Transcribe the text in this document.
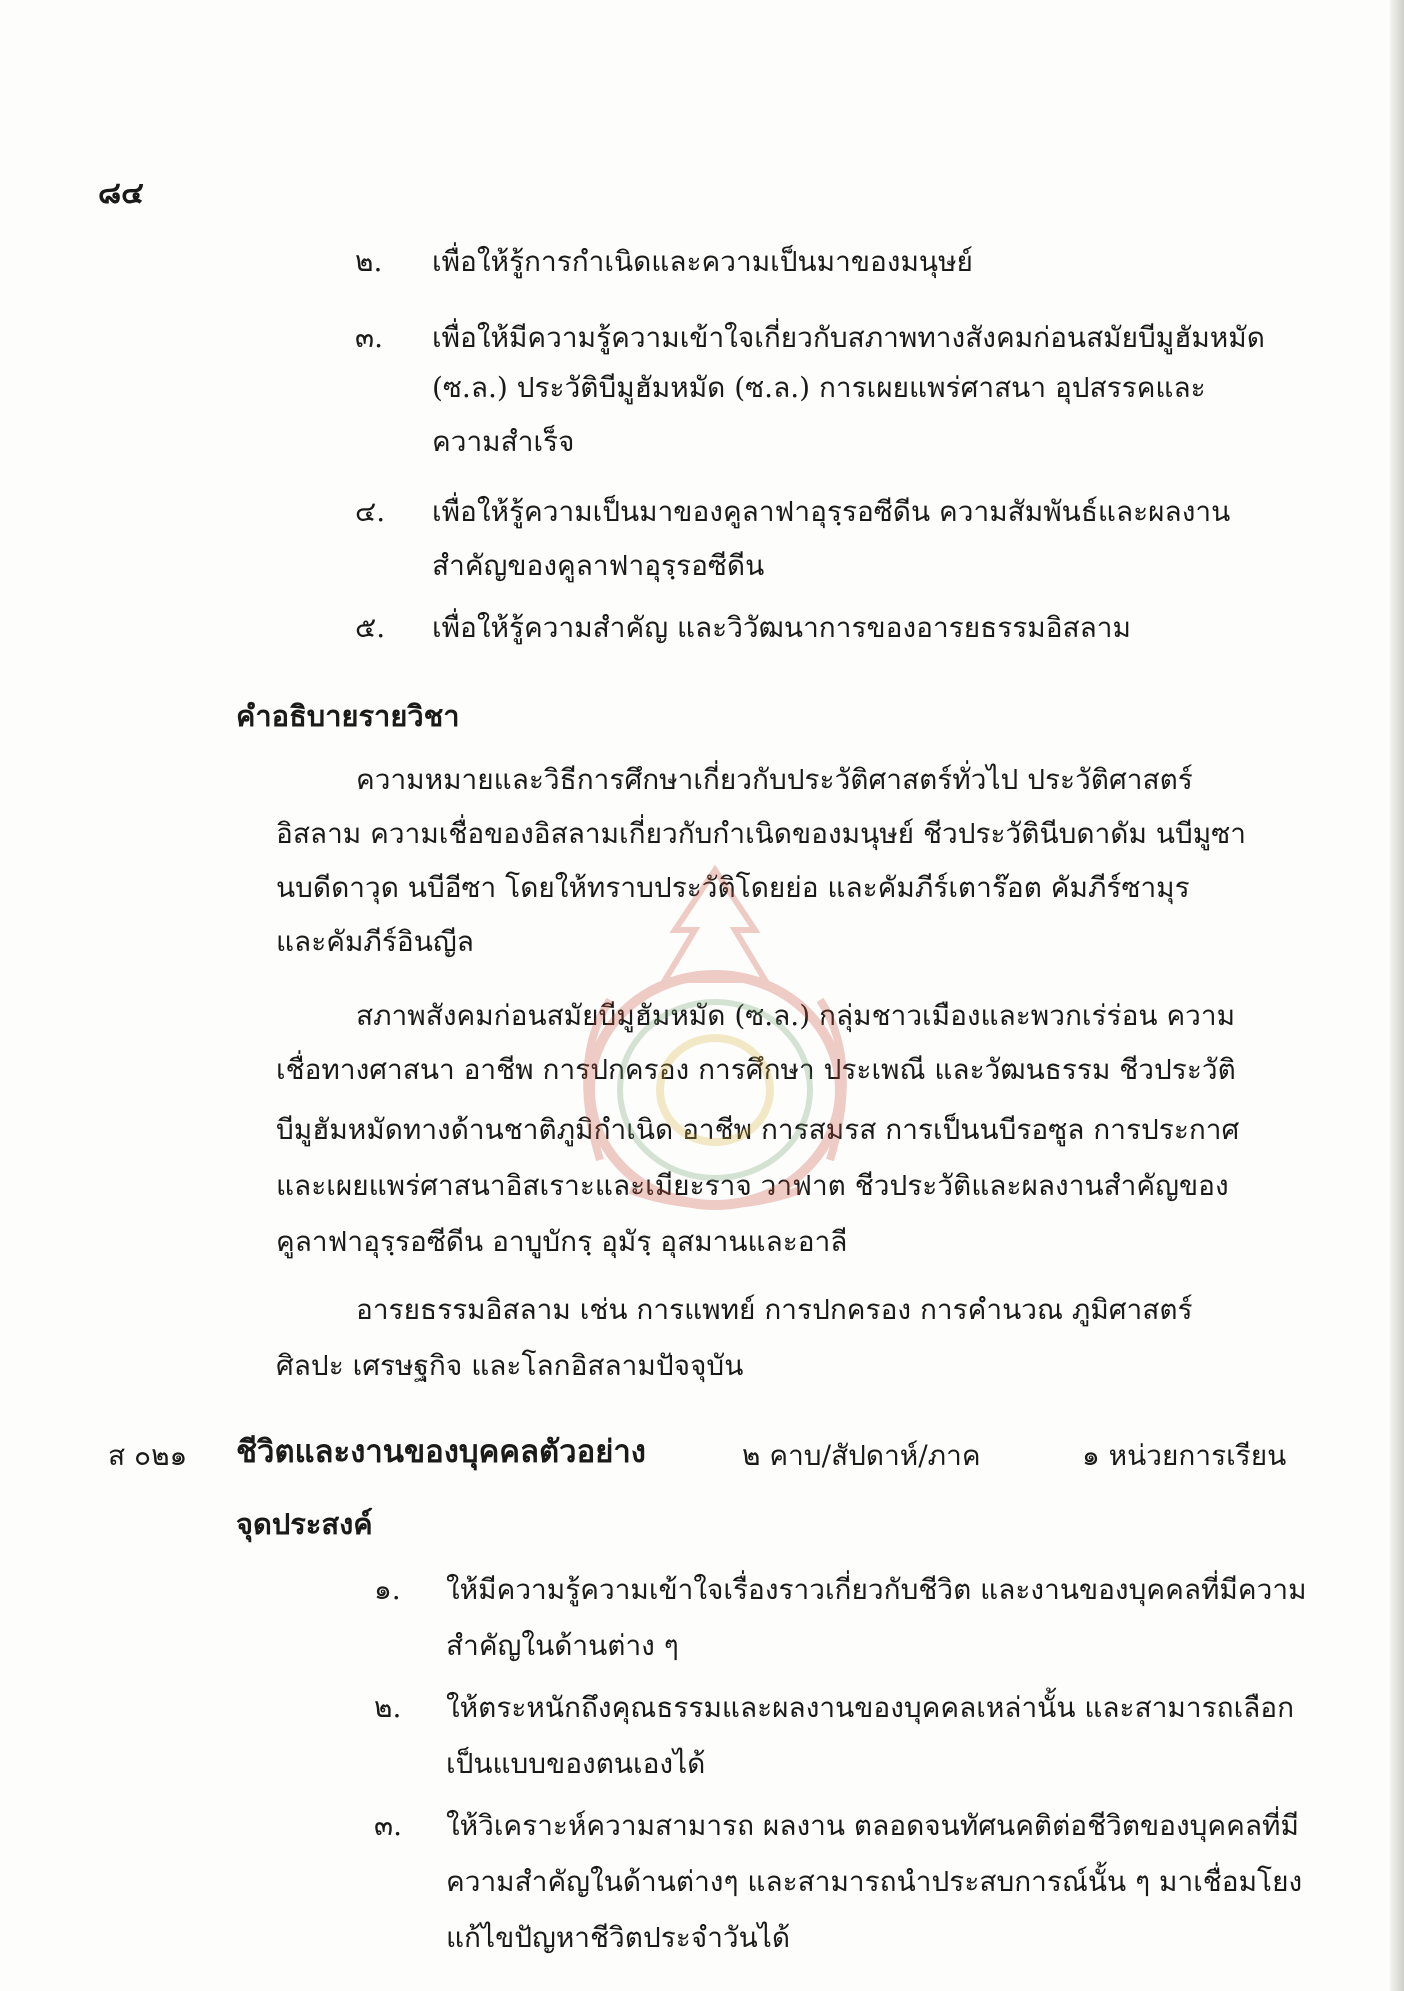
๘๔
๒. เพื่อให้รู้การกำเนิดและความเป็นมาของมนุษย์
๓. เพื่อให้มีความรู้ความเข้าใจเกี่ยวกับสภาพทางสังคมก่อนสมัยบีมูฮัมหมัด
(ซ.ล.) ประวัติบีมูฮัมหมัด (ซ.ล.) การเผยแพร่ศาสนา อุปสรรคและ
ความสำเร็จ
๔. เพื่อให้รู้ความเป็นมาของคูลาฟาอุรฺรอซีดีน ความสัมพันธ์และผลงาน
สำคัญของคูลาฟาอุรฺรอซีดีน
๕. เพื่อให้รู้ความสำคัญ และวิวัฒนาการของอารยธรรมอิสลาม
คำอธิบายรายวิชา
ความหมายและวิธีการศึกษาเกี่ยวกับประวัติศาสตร์ทั่วไป ประวัติศาสตร์
อิสลาม ความเชื่อของอิสลามเกี่ยวกับกำเนิดของมนุษย์ ชีวประวัตินีบดาดัม นบีมูซา
นบดีดาวุด นบีอีซา โดยให้ทราบประวัติโดยย่อ และคัมภีร์เตาร๊อต คัมภีร์ซามุร
และคัมภีร์อินญีล
สภาพสังคมก่อนสมัยบีมูฮัมหมัด (ซ.ล.) กลุ่มชาวเมืองและพวกเร่ร่อน ความ
เชื่อทางศาสนา อาชีพ การปกครอง การศึกษา ประเพณี และวัฒนธรรม ชีวประวัติ
บีมูฮัมหมัดทางด้านชาติภูมิกำเนิด อาชีพ การสมรส การเป็นนบีรอซูล การประกาศ
และเผยแพร่ศาสนาอิสเราะและเมียะราจ วาฟาต ชีวประวัติและผลงานสำคัญของ
คูลาฟาอุรฺรอซีดีน อาบูบักรฺ อุมัรฺ อุสมานและอาลี
อารยธรรมอิสลาม เช่น การแพทย์ การปกครอง การคำนวณ ภูมิศาสตร์
ศิลปะ เศรษฐกิจ และโลกอิสลามปัจจุบัน
ส ๐๒๑ ชีวิตและงานของบุคคลตัวอย่าง	๒ คาบ/สัปดาห์/ภาค	๑ หน่วยการเรียน
จุดประสงค์
๑. ให้มีความรู้ความเข้าใจเรื่องราวเกี่ยวกับชีวิต และงานของบุคคลที่มีความ
สำคัญในด้านต่าง ๆ
๒. ให้ตระหนักถึงคุณธรรมและผลงานของบุคคลเหล่านั้น และสามารถเลือก
เป็นแบบของตนเองได้
๓. ให้วิเคราะห์ความสามารถ ผลงาน ตลอดจนทัศนคติต่อชีวิตของบุคคลที่มี
ความสำคัญในด้านต่างๆ และสามารถนำประสบการณ์นั้น ๆ มาเชื่อมโยง
แก้ไขปัญหาชีวิตประจำวันได้
